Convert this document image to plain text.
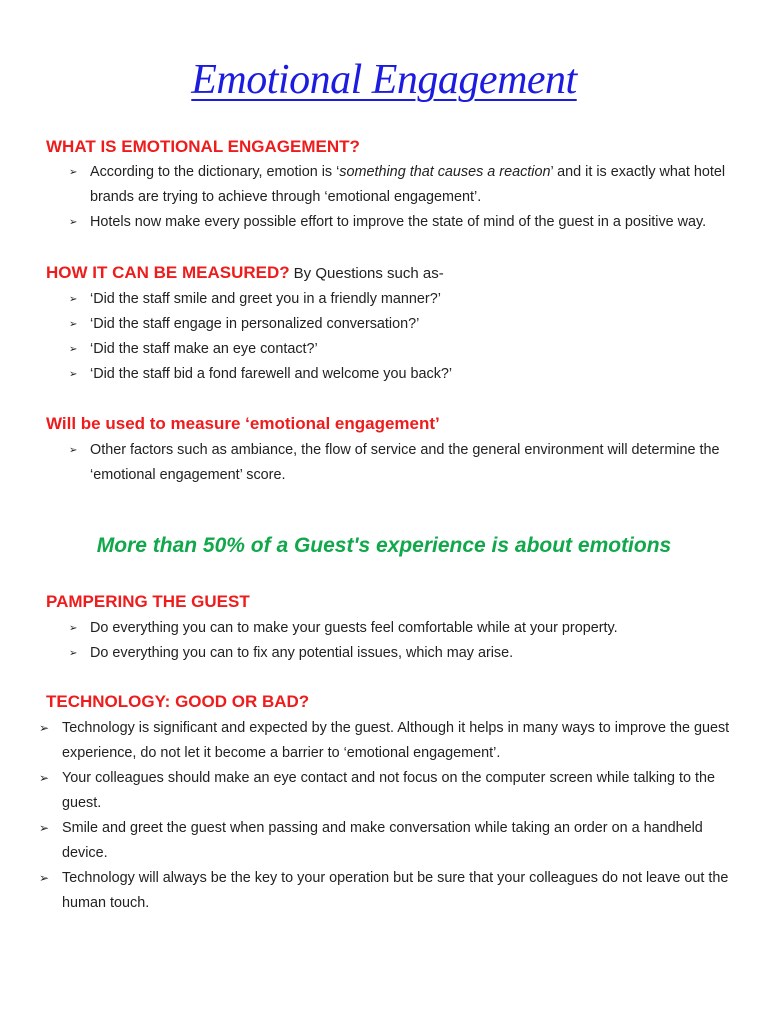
Emotional Engagement
WHAT IS EMOTIONAL ENGAGEMENT?
➢ According to the dictionary, emotion is ‘something that causes a reaction’ and it is exactly what hotel brands are trying to achieve through ‘emotional engagement’.
➢ Hotels now make every possible effort to improve the state of mind of the guest in a positive way.
HOW IT CAN BE MEASURED? By Questions such as-
➢ ‘Did the staff smile and greet you in a friendly manner?’
➢ ‘Did the staff engage in personalized conversation?’
➢ ‘Did the staff make an eye contact?’
➢ ‘Did the staff bid a fond farewell and welcome you back?’
Will be used to measure ‘emotional engagement’
➢ Other factors such as ambiance, the flow of service and the general environment will determine the ‘emotional engagement’ score.

More than 50% of a Guest's experience is about emotions

PAMPERING THE GUEST
➢ Do everything you can to make your guests feel comfortable while at your property.
➢ Do everything you can to fix any potential issues, which may arise.
TECHNOLOGY: GOOD OR BAD?
➢ Technology is significant and expected by the guest. Although it helps in many ways to improve the guest experience, do not let it become a barrier to ‘emotional engagement’.
➢ Your colleagues should make an eye contact and not focus on the computer screen while talking to the guest.
➢ Smile and greet the guest when passing and make conversation while taking an order on a handheld device.
➢ Technology will always be the key to your operation but be sure that your colleagues do not leave out the human touch.
